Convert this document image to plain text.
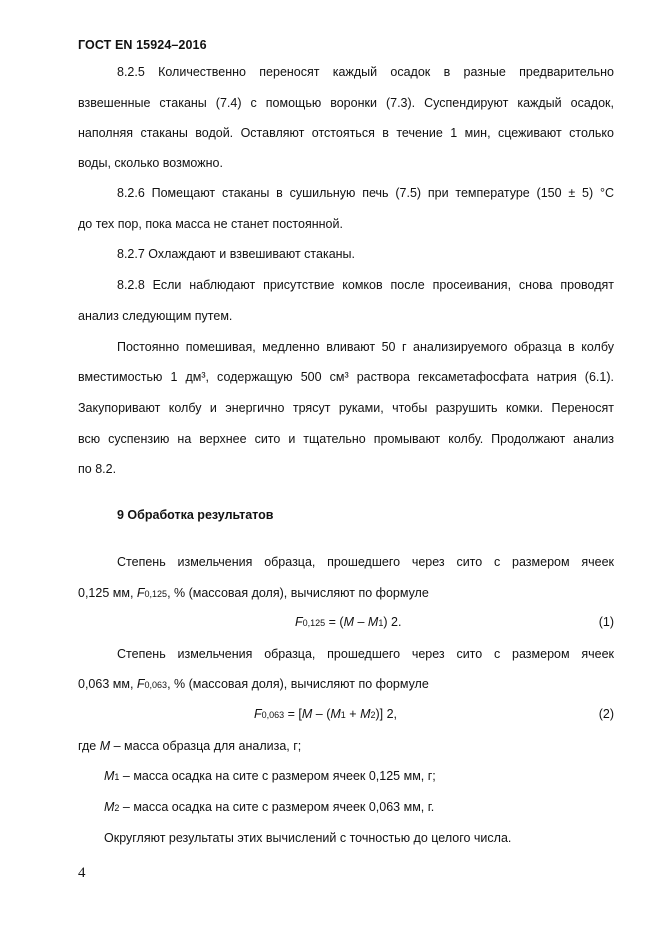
ГОСТ EN 15924–2016
8.2.5 Количественно переносят каждый осадок в разные предварительно
взвешенные стаканы (7.4) с помощью воронки (7.3). Суспендируют каждый осадок,
наполняя стаканы водой. Оставляют отстояться в течение 1 мин, сцеживают столько
воды, сколько возможно.
8.2.6 Помещают стаканы в сушильную печь (7.5) при температуре (150 ± 5) °С
до тех пор, пока масса не станет постоянной.
8.2.7 Охлаждают и взвешивают стаканы.
8.2.8 Если наблюдают присутствие комков после просеивания, снова проводят
анализ следующим путем.
Постоянно помешивая, медленно вливают 50 г анализируемого образца в колбу
вместимостью 1 дм³, содержащую 500 см³ раствора гексаметафосфата натрия (6.1).
Закупоривают колбу и энергично трясут руками, чтобы разрушить комки. Переносят
всю суспензию на верхнее сито и тщательно промывают колбу. Продолжают анализ
по 8.2.
9 Обработка результатов
Степень измельчения образца, прошедшего через сито с размером ячеек
0,125 мм, F0,125, % (массовая доля), вычисляют по формуле
F0,125 = (M – M1) 2.	(1)
Степень измельчения образца, прошедшего через сито с размером ячеек
0,063 мм, F0,063, % (массовая доля), вычисляют по формуле
F0,063 = [M – (M1 + M2)] 2,	(2)
где M – масса образца для анализа, г;
M1 – масса осадка на сите с размером ячеек 0,125 мм, г;
M2 – масса осадка на сите с размером ячеек 0,063 мм, г.
Округляют результаты этих вычислений с точностью до целого числа.
4
